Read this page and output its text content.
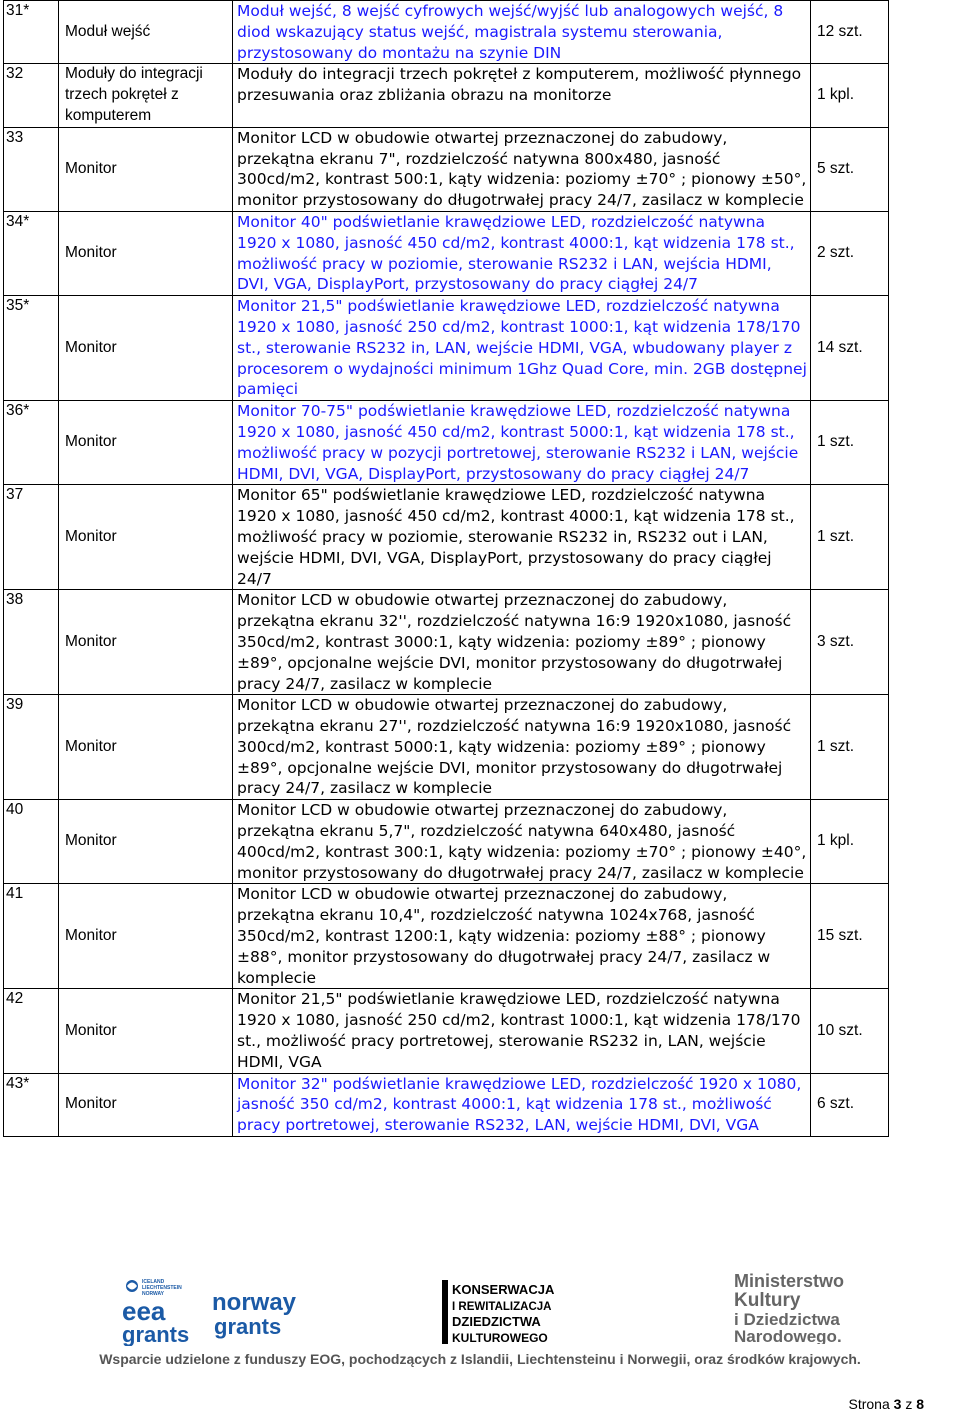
31*	Moduł wejść	Moduł wejść, 8 wejść cyfrowych wejść/wyjść lub analogowych wejść, 8 diod wskazujący status wejść, magistrala systemu sterowania, przystosowany do montażu na szynie DIN	12 szt.
32	Moduły do integracji trzech pokręteł z komputerem	Moduły do integracji trzech pokręteł z komputerem, możliwość płynnego przesuwania oraz zbliżania obrazu na monitorze	1 kpl.
33	Monitor	Monitor LCD w obudowie otwartej przeznaczonej do zabudowy, przekątna ekranu 7", rozdzielczość natywna 800x480, jasność 300cd/m2, kontrast 500:1, kąty widzenia: poziomy ±70° ; pionowy ±50°, monitor przystosowany do długotrwałej pracy 24/7, zasilacz w komplecie	5 szt.
34*	Monitor	Monitor 40" podświetlanie krawędziowe LED, rozdzielczość natywna 1920 x 1080, jasność 450 cd/m2, kontrast 4000:1, kąt widzenia 178 st., możliwość pracy w poziomie, sterowanie RS232 i LAN, wejścia HDMI, DVI, VGA, DisplayPort, przystosowany do pracy ciągłej 24/7	2 szt.
35*	Monitor	Monitor 21,5" podświetlanie krawędziowe LED, rozdzielczość natywna 1920 x 1080, jasność 250 cd/m2, kontrast 1000:1, kąt widzenia 178/170 st., sterowanie RS232 in, LAN, wejście HDMI, VGA, wbudowany player z procesorem o wydajności minimum 1Ghz Quad Core, min. 2GB dostępnej pamięci	14 szt.
36*	Monitor	Monitor 70-75" podświetlanie krawędziowe LED, rozdzielczość natywna 1920 x 1080, jasność 450 cd/m2, kontrast 5000:1, kąt widzenia 178 st., możliwość pracy w pozycji portretowej, sterowanie RS232 i LAN, wejście HDMI, DVI, VGA, DisplayPort, przystosowany do pracy ciągłej 24/7	1 szt.
37	Monitor	Monitor 65" podświetlanie krawędziowe LED, rozdzielczość natywna 1920 x 1080, jasność 450 cd/m2, kontrast 4000:1, kąt widzenia 178 st., możliwość pracy w poziomie, sterowanie RS232 in, RS232 out i LAN, wejście HDMI, DVI, VGA, DisplayPort, przystosowany do pracy ciągłej 24/7	1 szt.
38	Monitor	Monitor LCD w obudowie otwartej przeznaczonej do zabudowy, przekątna ekranu 32'', rozdzielczość natywna 16:9 1920x1080, jasność 350cd/m2, kontrast 3000:1, kąty widzenia: poziomy ±89° ; pionowy ±89°, opcjonalne wejście DVI, monitor przystosowany do długotrwałej pracy 24/7, zasilacz w komplecie	3 szt.
39	Monitor	Monitor LCD w obudowie otwartej przeznaczonej do zabudowy, przekątna ekranu 27'', rozdzielczość natywna 16:9 1920x1080, jasność 300cd/m2, kontrast 5000:1, kąty widzenia: poziomy ±89° ; pionowy ±89°, opcjonalne wejście DVI, monitor przystosowany do długotrwałej pracy 24/7, zasilacz w komplecie	1 szt.
40	Monitor	Monitor LCD w obudowie otwartej przeznaczonej do zabudowy, przekątna ekranu 5,7", rozdzielczość natywna 640x480, jasność 400cd/m2, kontrast 300:1, kąty widzenia: poziomy ±70° ; pionowy ±40°, monitor przystosowany do długotrwałej pracy 24/7, zasilacz w komplecie	1 kpl.
41	Monitor	Monitor LCD w obudowie otwartej przeznaczonej do zabudowy, przekątna ekranu 10,4", rozdzielczość natywna 1024x768, jasność 350cd/m2, kontrast 1200:1, kąty widzenia: poziomy ±88° ; pionowy ±88°, monitor przystosowany do długotrwałej pracy 24/7, zasilacz w komplecie	15 szt.
42	Monitor	Monitor 21,5" podświetlanie krawędziowe LED, rozdzielczość natywna 1920 x 1080, jasność 250 cd/m2, kontrast 1000:1, kąt widzenia 178/170 st., możliwość pracy portretowej, sterowanie RS232 in, LAN, wejście HDMI, VGA	10 szt.
43*	Monitor	Monitor 32" podświetlanie krawędziowe LED, rozdzielczość 1920 x 1080, jasność 350 cd/m2, kontrast 4000:1, kąt widzenia 178 st., możliwość pracy portretowej, sterowanie RS232, LAN, wejście HDMI, DVI, VGA	6 szt.
ICELAND
LIECHTENSTEIN
NORWAY
eea
grants
norway
grants
KONSERWACJA
I REWITALIZACJA
DZIEDZICTWA
KULTUROWEGO
Ministerstwo
Kultury
i Dziedzictwa
Narodowego.
Wsparcie udzielone z funduszy EOG, pochodzących z Islandii, Liechtensteinu i Norwegii, oraz środków krajowych.
Strona 3 z 8
